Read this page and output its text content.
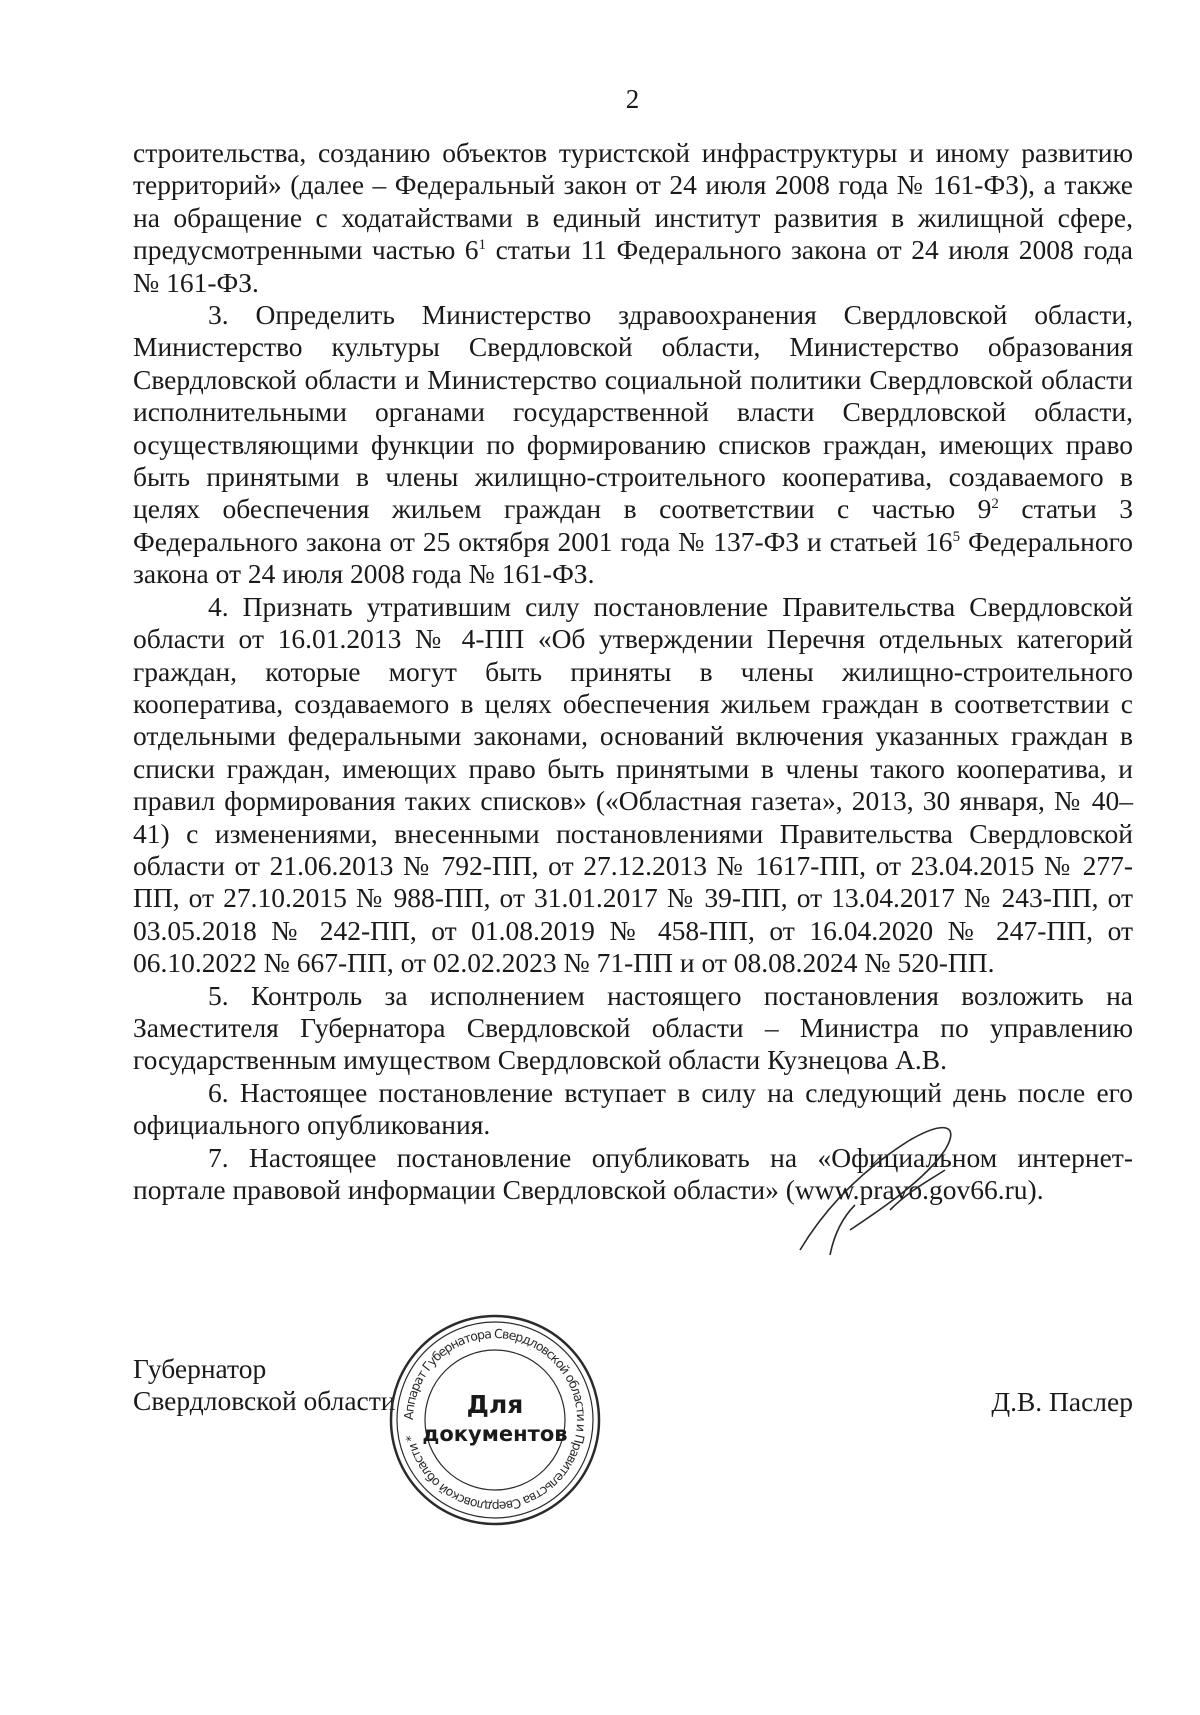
2

строительства, созданию объектов туристской инфраструктуры и иному развитию территорий» (далее – Федеральный закон от 24 июля 2008 года № 161-ФЗ), а также на обращение с ходатайствами в единый институт развития в жилищной сфере, предусмотренными частью $6^1$ статьи 11 Федерального закона от 24 июля 2008 года № 161-ФЗ.

3. Определить Министерство здравоохранения Свердловской области, Министерство культуры Свердловской области, Министерство образования Свердловской области и Министерство социальной политики Свердловской области исполнительными органами государственной власти Свердловской области, осуществляющими функции по формированию списков граждан, имеющих право быть принятыми в члены жилищно-строительного кооператива, создаваемого в целях обеспечения жильем граждан в соответствии с частью $9^2$ статьи 3 Федерального закона от 25 октября 2001 года № 137-ФЗ и статьей $16^5$ Федерального закона от 24 июля 2008 года № 161-ФЗ.

4. Признать утратившим силу постановление Правительства Свердловской области от 16.01.2013 № 4-ПП «Об утверждении Перечня отдельных категорий граждан, которые могут быть приняты в члены жилищно-строительного кооператива, создаваемого в целях обеспечения жильем граждан в соответствии с отдельными федеральными законами, оснований включения указанных граждан в списки граждан, имеющих право быть принятыми в члены такого кооператива, и правил формирования таких списков» («Областная газета», 2013, 30 января, № 40–41) с изменениями, внесенными постановлениями Правительства Свердловской области от 21.06.2013 № 792-ПП, от 27.12.2013 № 1617-ПП, от 23.04.2015 № 277-ПП, от 27.10.2015 № 988-ПП, от 31.01.2017 № 39-ПП, от 13.04.2017 № 243-ПП, от 03.05.2018 № 242-ПП, от 01.08.2019 № 458-ПП, от 16.04.2020 № 247-ПП, от 06.10.2022 № 667-ПП, от 02.02.2023 № 71-ПП и от 08.08.2024 № 520-ПП.

5. Контроль за исполнением настоящего постановления возложить на Заместителя Губернатора Свердловской области – Министра по управлению государственным имуществом Свердловской области Кузнецова А.В.

6. Настоящее постановление вступает в силу на следующий день после его официального опубликования.

7. Настоящее постановление опубликовать на «Официальном интернет-портале правовой информации Свердловской области» (www.pravo.gov66.ru).

Губернатор
Свердловской области	Д.В. Паслер
Аппарат Губернатора Свердловской области и Правительства Свердловской области *
Для
документов
